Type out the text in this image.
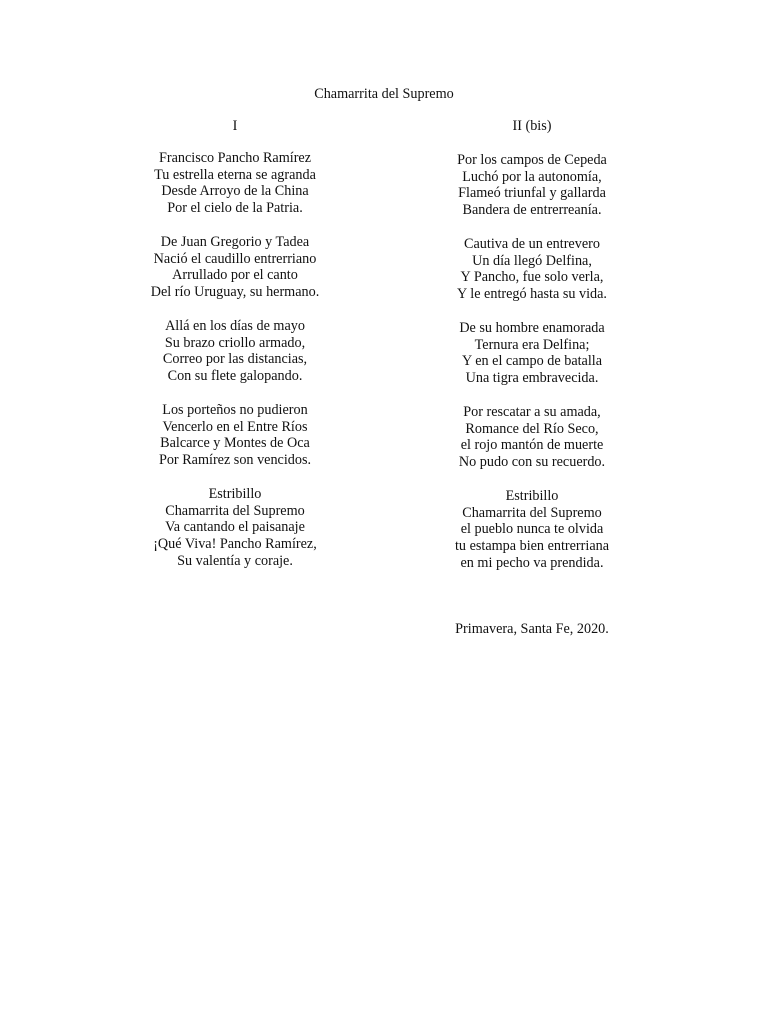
Chamarrita del Supremo
I
Francisco Pancho Ramírez
Tu estrella eterna se agranda
Desde Arroyo de la China
Por el cielo de la Patria.
De Juan Gregorio y Tadea
Nació el caudillo entrerriano
Arrullado por el canto
Del río Uruguay, su hermano.
Allá en los días de mayo
Su brazo criollo armado,
Correo por las distancias,
Con su flete galopando.
Los porteños no pudieron
Vencerlo en el Entre Ríos
Balcarce y Montes de Oca
Por Ramírez son vencidos.
Estribillo
Chamarrita del Supremo
Va cantando el paisanaje
¡Qué Viva! Pancho Ramírez,
Su valentía y coraje.
II (bis)
Por los campos de Cepeda
Luchó por la autonomía,
Flameó triunfal y gallarda
Bandera de entrerreanía.
Cautiva de un entrevero
Un día llegó Delfina,
Y Pancho, fue solo verla,
Y le entregó hasta su vida.
De su hombre enamorada
Ternura era Delfina;
Y en el campo de batalla
Una tigra embravecida.
Por rescatar a su amada,
Romance del Río Seco,
el rojo mantón de muerte
No pudo con su recuerdo.
Estribillo
Chamarrita del Supremo
el pueblo nunca te olvida
tu estampa bien entrerriana
en mi pecho va prendida.
Primavera, Santa Fe, 2020.
